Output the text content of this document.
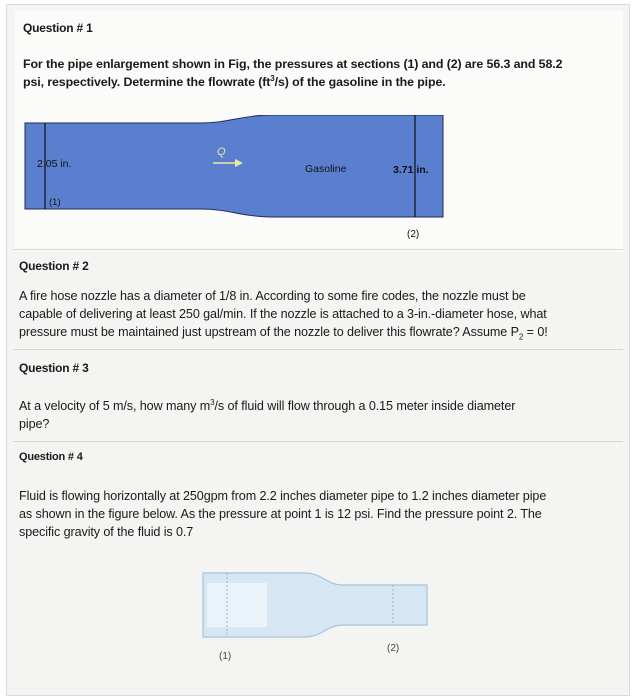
Question # 1
For the pipe enlargement shown in Fig, the pressures at sections (1) and (2) are 56.3 and 58.2
psi, respectively. Determine the flowrate $(ft^3/s)$ of the gasoline in the pipe.
Q
2.05 in.	Gasoline	3.71 in.
(1)
(2)
Question # 2
A fire hose nozzle has a diameter of 1/8 in. According to some fire codes, the nozzle must be
capable of delivering at least 250 gal/min. If the nozzle is attached to a 3-in.-diameter hose, what
pressure must be maintained just upstream of the nozzle to deliver this flowrate? Assume $P_2 = 0$!
Question # 3
At a velocity of 5 m/s, how many $m^3/s$ of fluid will flow through a 0.15 meter inside diameter
pipe?
Question # 4
Fluid is flowing horizontally at 250gpm from 2.2 inches diameter pipe to 1.2 inches diameter pipe
as shown in the figure below. As the pressure at point 1 is 12 psi. Find the pressure point 2. The
specific gravity of the fluid is 0.7
(1)
(2)
